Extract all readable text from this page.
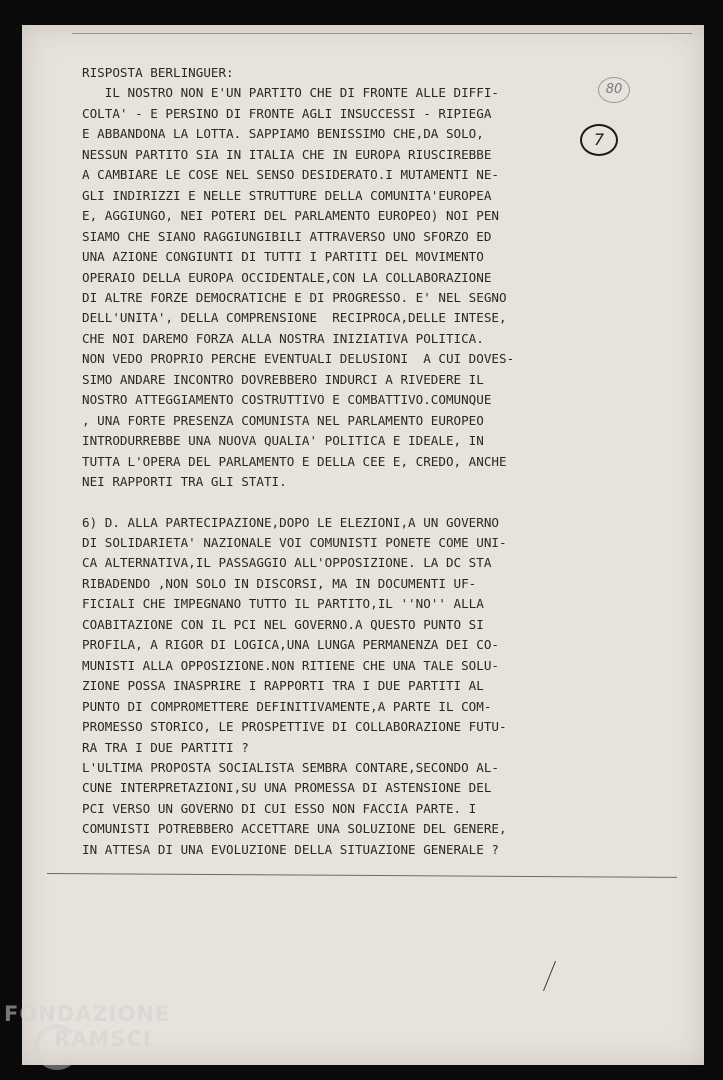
RISPOSTA BERLINGUER:
IL NOSTRO NON E'UN PARTITO CHE DI FRONTE ALLE DIFFI-
COLTA' - E PERSINO DI FRONTE AGLI INSUCCESSI - RIPIEGA
E ABBANDONA LA LOTTA. SAPPIAMO BENISSIMO CHE,DA SOLO,
NESSUN PARTITO SIA IN ITALIA CHE IN EUROPA RIUSCIREBBE
A CAMBIARE LE COSE NEL SENSO DESIDERATO.I MUTAMENTI NE-
GLI INDIRIZZI E NELLE STRUTTURE DELLA COMUNITA'EUROPEA
E, AGGIUNGO, NEI POTERI DEL PARLAMENTO EUROPEO) NOI PEN
SIAMO CHE SIANO RAGGIUNGIBILI ATTRAVERSO UNO SFORZO ED
UNA AZIONE CONGIUNTI DI TUTTI I PARTITI DEL MOVIMENTO
OPERAIO DELLA EUROPA OCCIDENTALE,CON LA COLLABORAZIONE
DI ALTRE FORZE DEMOCRATICHE E DI PROGRESSO. E' NEL SEGNO
DELL'UNITA', DELLA COMPRENSIONE  RECIPROCA,DELLE INTESE,
CHE NOI DAREMO FORZA ALLA NOSTRA INIZIATIVA POLITICA.
NON VEDO PROPRIO PERCHE EVENTUALI DELUSIONI  A CUI DOVES-
SIMO ANDARE INCONTRO DOVREBBERO INDURCI A RIVEDERE IL
NOSTRO ATTEGGIAMENTO COSTRUTTIVO E COMBATTIVO.COMUNQUE
, UNA FORTE PRESENZA COMUNISTA NEL PARLAMENTO EUROPEO
INTRODURREBBE UNA NUOVA QUALIA' POLITICA E IDEALE, IN
TUTTA L'OPERA DEL PARLAMENTO E DELLA CEE E, CREDO, ANCHE
NEI RAPPORTI TRA GLI STATI.
6) D. ALLA PARTECIPAZIONE,DOPO LE ELEZIONI,A UN GOVERNO
DI SOLIDARIETA' NAZIONALE VOI COMUNISTI PONETE COME UNI-
CA ALTERNATIVA,IL PASSAGGIO ALL'OPPOSIZIONE. LA DC STA
RIBADENDO ,NON SOLO IN DISCORSI, MA IN DOCUMENTI UF-
FICIALI CHE IMPEGNANO TUTTO IL PARTITO,IL ''NO'' ALLA
COABITAZIONE CON IL PCI NEL GOVERNO.A QUESTO PUNTO SI
PROFILA, A RIGOR DI LOGICA,UNA LUNGA PERMANENZA DEI CO-
MUNISTI ALLA OPPOSIZIONE.NON RITIENE CHE UNA TALE SOLU-
ZIONE POSSA INASPRIRE I RAPPORTI TRA I DUE PARTITI AL
PUNTO DI COMPROMETTERE DEFINITIVAMENTE,A PARTE IL COM-
PROMESSO STORICO, LE PROSPETTIVE DI COLLABORAZIONE FUTU-
RA TRA I DUE PARTITI ?
L'ULTIMA PROPOSTA SOCIALISTA SEMBRA CONTARE,SECONDO AL-
CUNE INTERPRETAZIONI,SU UNA PROMESSA DI ASTENSIONE DEL
PCI VERSO UN GOVERNO DI CUI ESSO NON FACCIA PARTE. I
COMUNISTI POTREBBERO ACCETTARE UNA SOLUZIONE DEL GENERE,
IN ATTESA DI UNA EVOLUZIONE DELLA SITUAZIONE GENERALE ?
80
7
FONDAZIONE
RAMSCI
